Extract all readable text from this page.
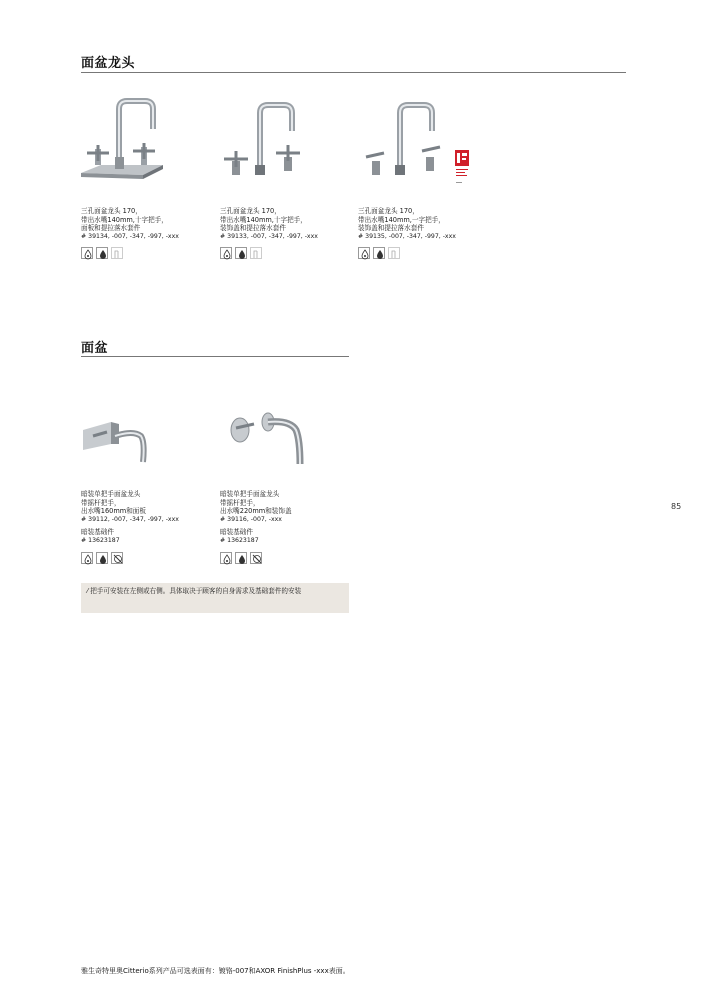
面盆龙头
三孔面盆龙头 170，
带出水嘴140mm,十字把手，
面板和提拉落水套件
# 39134, -007, -347, -997, -xxx
三孔面盆龙头 170，
带出水嘴140mm,十字把手，
装饰盖和提拉落水套件
# 39133, -007, -347, -997, -xxx
三孔面盆龙头 170，
带出水嘴140mm,一字把手，
装饰盖和提拉落水套件
# 39135, -007, -347, -997, -xxx
面盆
暗装单把手面盆龙头
带摇杆把手，
出水嘴160mm和面板
# 39112, -007, -347, -997, -xxx
暗装基础件
# 13623187
暗装单把手面盆龙头
带摇杆把手，
出水嘴220mm和装饰盖
# 39116, -007, -xxx
暗装基础件
# 13623187
⁄ 把手可安装在左侧或右侧。具体取决于顾客的自身需求及基础套件的安装
85
雅生奇特里奥Citterio系列产品可选表面有：镀铬-007和AXOR FinishPlus -xxx表面。
